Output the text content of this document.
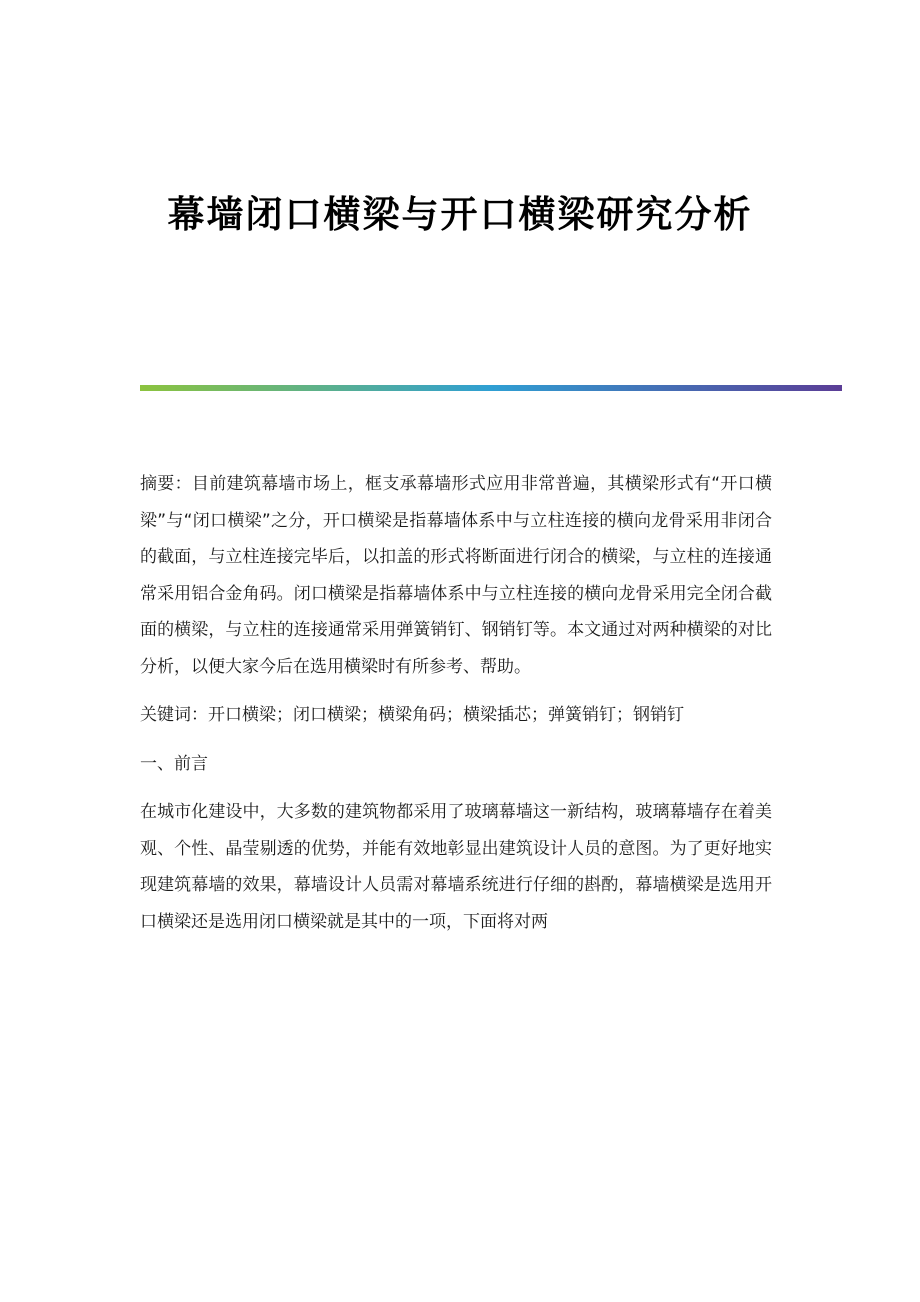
幕墙闭口横梁与开口横梁研究分析

摘要：目前建筑幕墙市场上，框支承幕墙形式应用非常普遍，其横梁形式有“开口横梁”与“闭口横梁”之分，开口横梁是指幕墙体系中与立柱连接的横向龙骨采用非闭合的截面，与立柱连接完毕后，以扣盖的形式将断面进行闭合的横梁，与立柱的连接通常采用铝合金角码。闭口横梁是指幕墙体系中与立柱连接的横向龙骨采用完全闭合截面的横梁，与立柱的连接通常采用弹簧销钉、钢销钉等。本文通过对两种横梁的对比分析，以便大家今后在选用横梁时有所参考、帮助。

关键词：开口横梁；闭口横梁；横梁角码；横梁插芯；弹簧销钉；钢销钉

一、前言

在城市化建设中，大多数的建筑物都采用了玻璃幕墙这一新结构，玻璃幕墙存在着美观、个性、晶莹剔透的优势，并能有效地彰显出建筑设计人员的意图。为了更好地实现建筑幕墙的效果，幕墙设计人员需对幕墙系统进行仔细的斟酌，幕墙横梁是选用开口横梁还是选用闭口横梁就是其中的一项，下面将对两
